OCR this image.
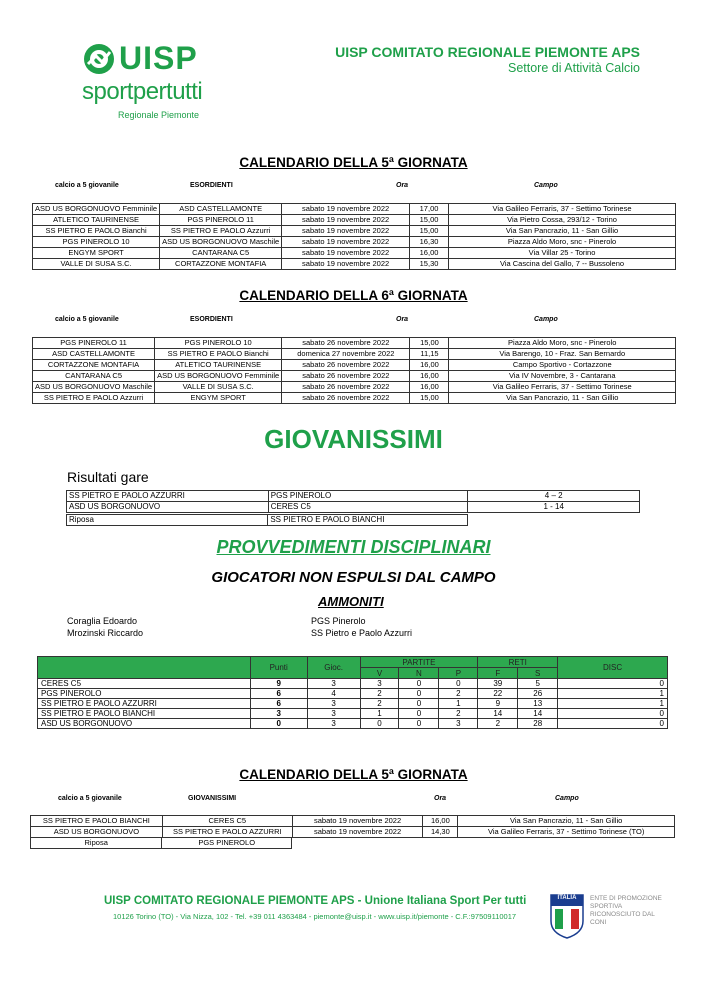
UISP
sportpertutti
Regionale Piemonte
UISP COMITATO REGIONALE PIEMONTE APS
Settore di Attività Calcio
CALENDARIO DELLA 5ª GIORNATA
calcio a 5 giovanile	ESORDIENTI	Ora	Campo
ASD US BORGONUOVO Femminile	ASD CASTELLAMONTE	sabato 19 novembre 2022	17,00	Via Galileo Ferraris, 37 - Settimo Torinese
ATLETICO TAURINENSE	PGS PINEROLO 11	sabato 19 novembre 2022	15,00	Via Pietro Cossa, 293/12 - Torino
SS PIETRO E PAOLO Bianchi	SS PIETRO E PAOLO Azzurri	sabato 19 novembre 2022	15,00	Via San Pancrazio, 11 - San Gillio
PGS PINEROLO 10	ASD US BORGONUOVO Maschile	sabato 19 novembre 2022	16,30	Piazza Aldo Moro, snc - Pinerolo
ENGYM SPORT	CANTARANA C5	sabato 19 novembre 2022	16,00	Via Villar 25 - Torino
VALLE DI SUSA S.C.	CORTAZZONE MONTAFIA	sabato 19 novembre 2022	15,30	Via Cascina del Gallo, 7 -- Bussoleno
CALENDARIO DELLA 6ª GIORNATA
calcio a 5 giovanile	ESORDIENTI	Ora	Campo
PGS PINEROLO 11	PGS PINEROLO 10	sabato 26 novembre 2022	15,00	Piazza Aldo Moro, snc - Pinerolo
ASD CASTELLAMONTE	SS PIETRO E PAOLO Bianchi	domenica 27 novembre 2022	11,15	Via Barengo, 10 - Fraz. San Bernardo
CORTAZZONE MONTAFIA	ATLETICO TAURINENSE	sabato 26 novembre 2022	16,00	Campo Sportivo - Cortazzone
CANTARANA C5	ASD US BORGONUOVO Femminile	sabato 26 novembre 2022	16,00	Via IV Novembre, 3 - Cantarana
ASD US BORGONUOVO Maschile	VALLE DI SUSA S.C.	sabato 26 novembre 2022	16,00	Via Galileo Ferraris, 37 - Settimo Torinese
SS PIETRO E PAOLO Azzurri	ENGYM SPORT	sabato 26 novembre 2022	15,00	Via San Pancrazio, 11 - San Gillio
GIOVANISSIMI
Risultati gare
SS PIETRO E PAOLO AZZURRI	PGS PINEROLO	4 – 2
ASD US BORGONUOVO	CERES C5	1 - 14
Riposa	SS PIETRO E PAOLO BIANCHI
PROVVEDIMENTI DISCIPLINARI
GIOCATORI NON ESPULSI DAL CAMPO
AMMONITI
Coraglia Edoardo	PGS Pinerolo
Mrozinski Riccardo	SS Pietro e Paolo Azzurri
	Punti	Gioc.	PARTITE			RETI		DISC
			V	N	P	F	S	
CERES C5	9	3	3	0	0	39	5	0
PGS PINEROLO	6	4	2	0	2	22	26	1
SS PIETRO E PAOLO AZZURRI	6	3	2	0	1	9	13	1
SS PIETRO E PAOLO BIANCHI	3	3	1	0	2	14	14	0
ASD US BORGONUOVO	0	3	0	0	3	2	28	0
CALENDARIO DELLA 5ª GIORNATA
calcio a 5 giovanile	GIOVANISSIMI	Ora	Campo
SS PIETRO E PAOLO BIANCHI	CERES C5	sabato 19 novembre 2022	16,00	Via San Pancrazio, 11 - San Gillio
ASD US BORGONUOVO	SS PIETRO E PAOLO AZZURRI	sabato 19 novembre 2022	14,30	Via Galileo Ferraris, 37 - Settimo Torinese (TO)
Riposa	PGS PINEROLO
UISP COMITATO REGIONALE PIEMONTE APS - Unione Italiana Sport Per tutti
10126 Torino (TO) - Via Nizza, 102 - Tel. +39 011 4363484 - piemonte@uisp.it - www.uisp.it/piemonte - C.F.:97509110017
ITALIA	ENTE DI PROMOZIONE SPORTIVA RICONOSCIUTO DAL CONI
